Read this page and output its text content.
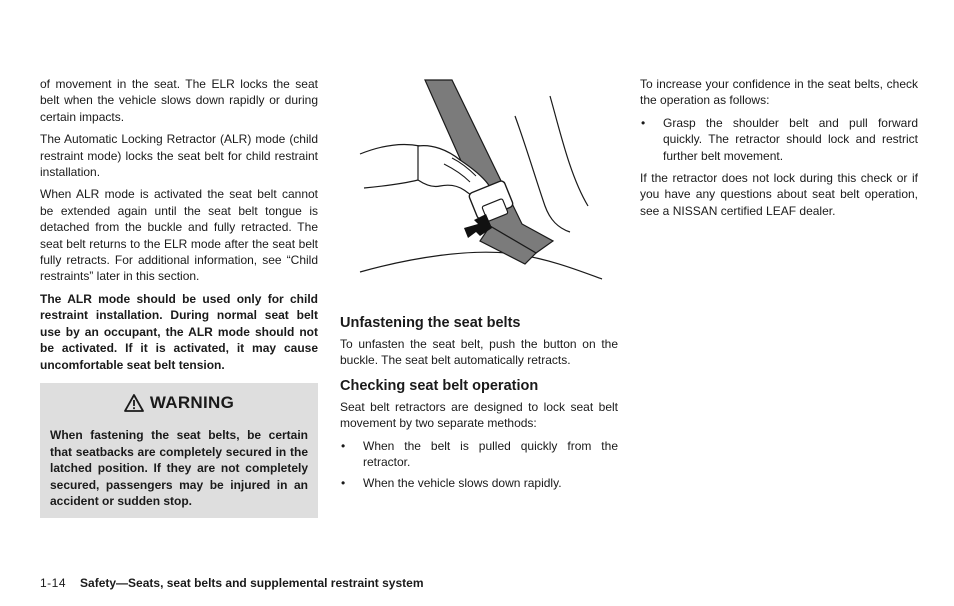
of movement in the seat. The ELR locks the seat belt when the vehicle slows down rapidly or during certain impacts.

The Automatic Locking Retractor (ALR) mode (child restraint mode) locks the seat belt for child restraint installation.

When ALR mode is activated the seat belt cannot be extended again until the seat belt tongue is detached from the buckle and fully retracted. The seat belt returns to the ELR mode after the seat belt fully retracts. For additional information, see “Child restraints” later in this section.

The ALR mode should be used only for child restraint installation. During normal seat belt use by an occupant, the ALR mode should not be activated. If it is activated, it may cause uncomfortable seat belt tension.

WARNING

When fastening the seat belts, be certain that seatbacks are completely secured in the latched position. If they are not completely secured, passengers may be injured in an accident or sudden stop.

Unfastening the seat belts

To unfasten the seat belt, push the button on the buckle. The seat belt automatically retracts.

Checking seat belt operation

Seat belt retractors are designed to lock seat belt movement by two separate methods:

• When the belt is pulled quickly from the retractor.
• When the vehicle slows down rapidly.

To increase your confidence in the seat belts, check the operation as follows:

• Grasp the shoulder belt and pull forward quickly. The retractor should lock and restrict further belt movement.

If the retractor does not lock during this check or if you have any questions about seat belt operation, see a NISSAN certified LEAF dealer.

1-14 Safety—Seats, seat belts and supplemental restraint system
